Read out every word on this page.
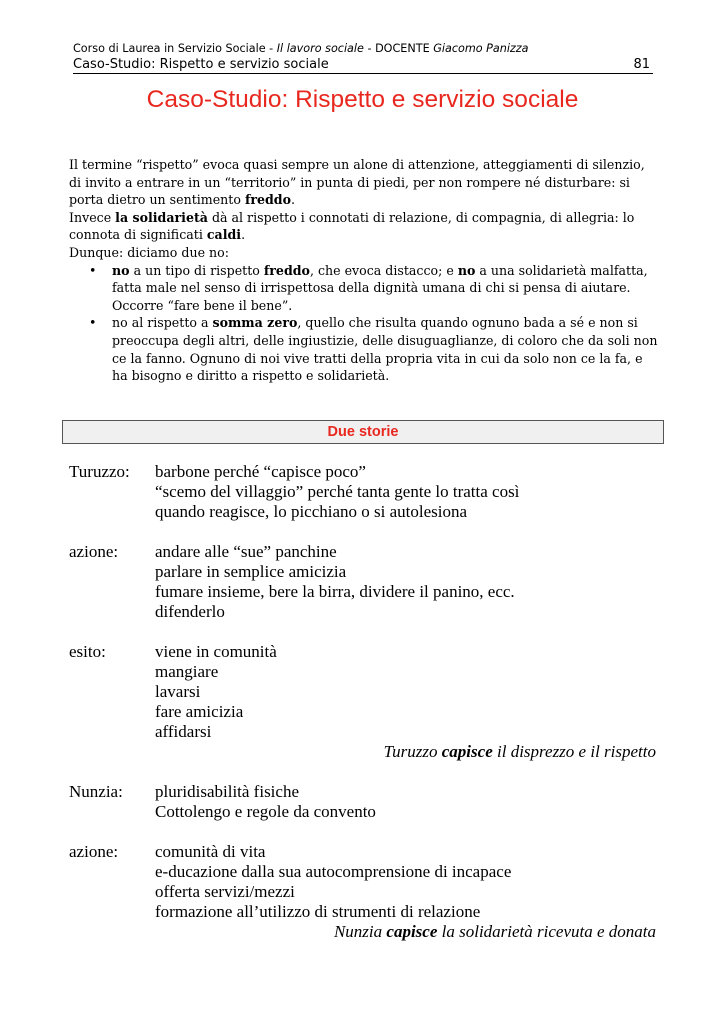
Corso di Laurea in Servizio Sociale - Il lavoro sociale - DOCENTE Giacomo Panizza
Caso-Studio: Rispetto e servizio sociale	81
Caso-Studio: Rispetto e servizio sociale

Il termine “rispetto” evoca quasi sempre un alone di attenzione, atteggiamenti di silenzio, di invito a entrare in un “territorio” in punta di piedi, per non rompere né disturbare: si porta dietro un sentimento freddo.

Invece la solidarietà dà al rispetto i connotati di relazione, di compagnia, di allegria: lo connota di significati caldi.

Dunque: diciamo due no:

• no a un tipo di rispetto freddo, che evoca distacco; e no a una solidarietà malfatta, fatta male nel senso di irrispettosa della dignità umana di chi si pensa di aiutare. Occorre “fare bene il bene”.
• no al rispetto a somma zero, quello che risulta quando ognuno bada a sé e non si preoccupa degli altri, delle ingiustizie, delle disuguaglianze, di coloro che da soli non ce la fanno. Ognuno di noi vive tratti della propria vita in cui da solo non ce la fa, e ha bisogno e diritto a rispetto e solidarietà.
Due storie
Turuzzo: barbone perché “capisce poco”
“scemo del villaggio” perché tanta gente lo tratta così
quando reagisce, lo picchiano o si autolesiona
azione: andare alle “sue” panchine
parlare in semplice amicizia
fumare insieme, bere la birra, dividere il panino, ecc.
difenderlo
esito:	viene in comunità
mangiare
lavarsi
fare amicizia
affidarsi
Turuzzo capisce il disprezzo e il rispetto
Nunzia: pluridisabilità fisiche
Cottolengo e regole da convento
azione: comunità di vita
e-ducazione dalla sua autocomprensione di incapace
offerta servizi/mezzi
formazione all’utilizzo di strumenti di relazione
Nunzia capisce la solidarietà ricevuta e donata
